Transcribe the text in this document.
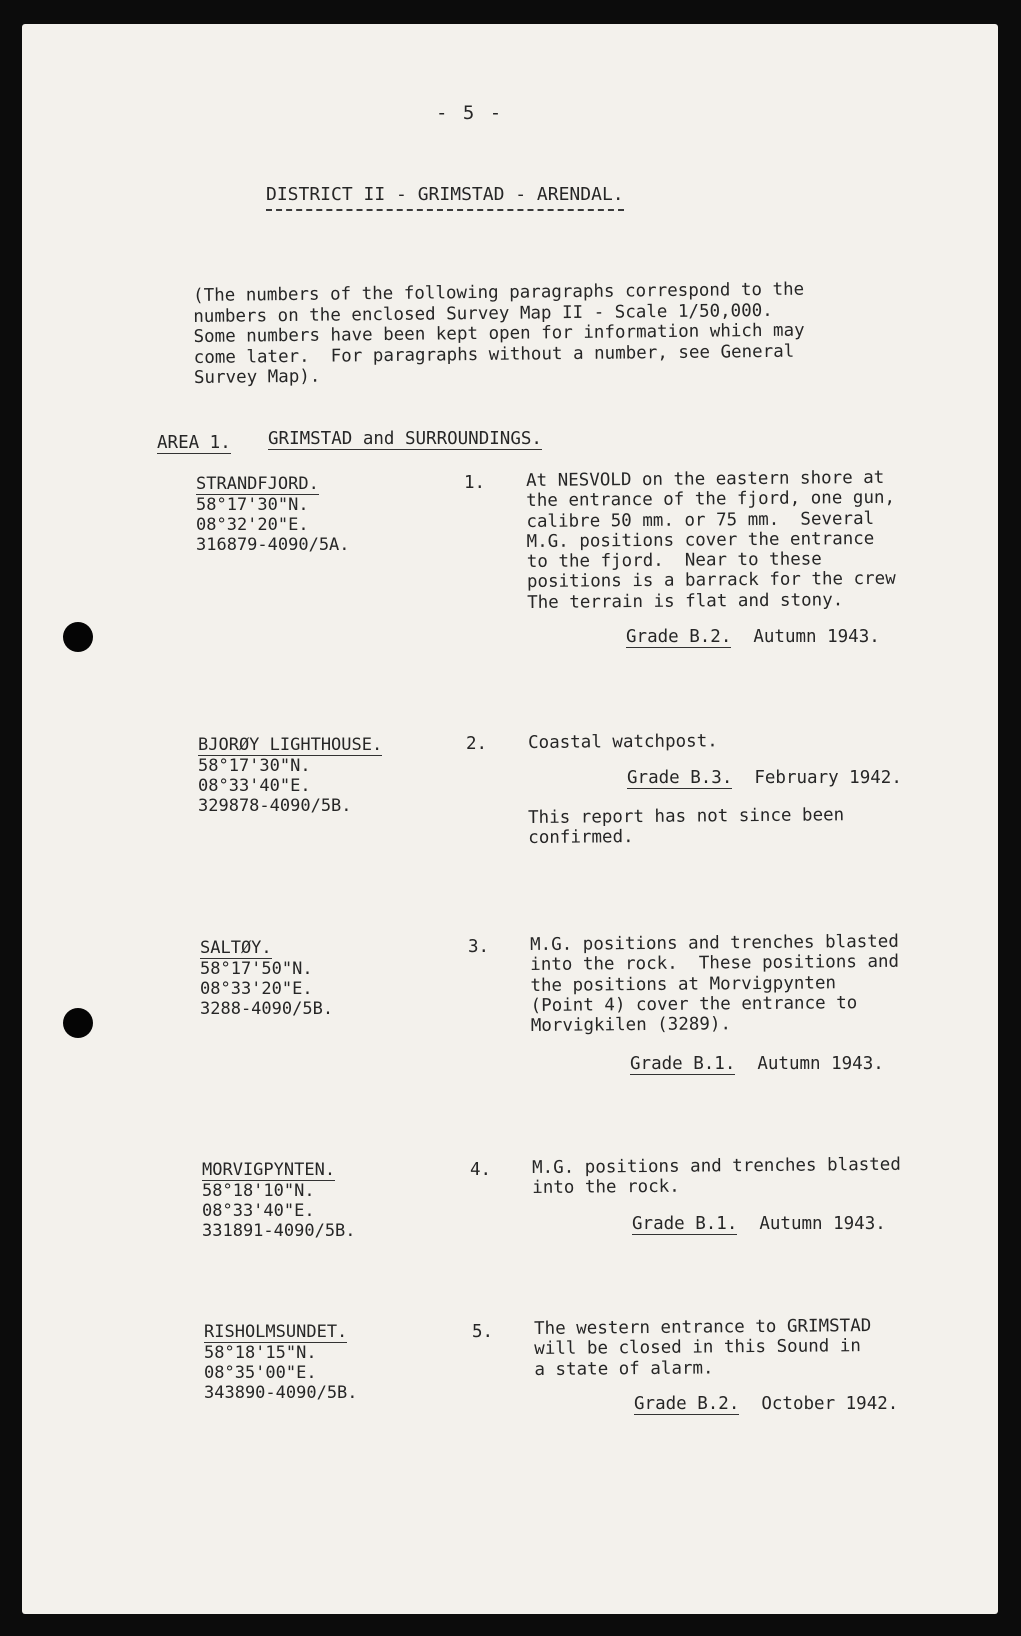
- 5 -
DISTRICT II - GRIMSTAD - ARENDAL.
(The numbers of the following paragraphs correspond to the
numbers on the enclosed Survey Map II - Scale 1/50,000.
Some numbers have been kept open for information which may
come later.  For paragraphs without a number, see General
Survey Map).
AREA 1. GRIMSTAD and SURROUNDINGS.
STRANDFJORD.
58°17'30"N.
08°32'20"E.
316879-4090/5A.
1. At NESVOLD on the eastern shore at
the entrance of the fjord, one gun,
calibre 50 mm. or 75 mm.  Several
M.G. positions cover the entrance
to the fjord.  Near to these
positions is a barrack for the crew
The terrain is flat and stony.
Grade B.2. Autumn 1943.
BJORØY LIGHTHOUSE.
58°17'30"N.
08°33'40"E.
329878-4090/5B.
2. Coastal watchpost.
Grade B.3. February 1942.
This report has not since been
confirmed.
SALTØY.
58°17'50"N.
08°33'20"E.
3288-4090/5B.
3. M.G. positions and trenches blasted
into the rock.  These positions and
the positions at Morvigpynten
(Point 4) cover the entrance to
Morvigkilen (3289).
Grade B.1. Autumn 1943.
MORVIGPYNTEN.
58°18'10"N.
08°33'40"E.
331891-4090/5B.
4. M.G. positions and trenches blasted
into the rock.
Grade B.1. Autumn 1943.
RISHOLMSUNDET.
58°18'15"N.
08°35'00"E.
343890-4090/5B.
5. The western entrance to GRIMSTAD
will be closed in this Sound in
a state of alarm.
Grade B.2. October 1942.
